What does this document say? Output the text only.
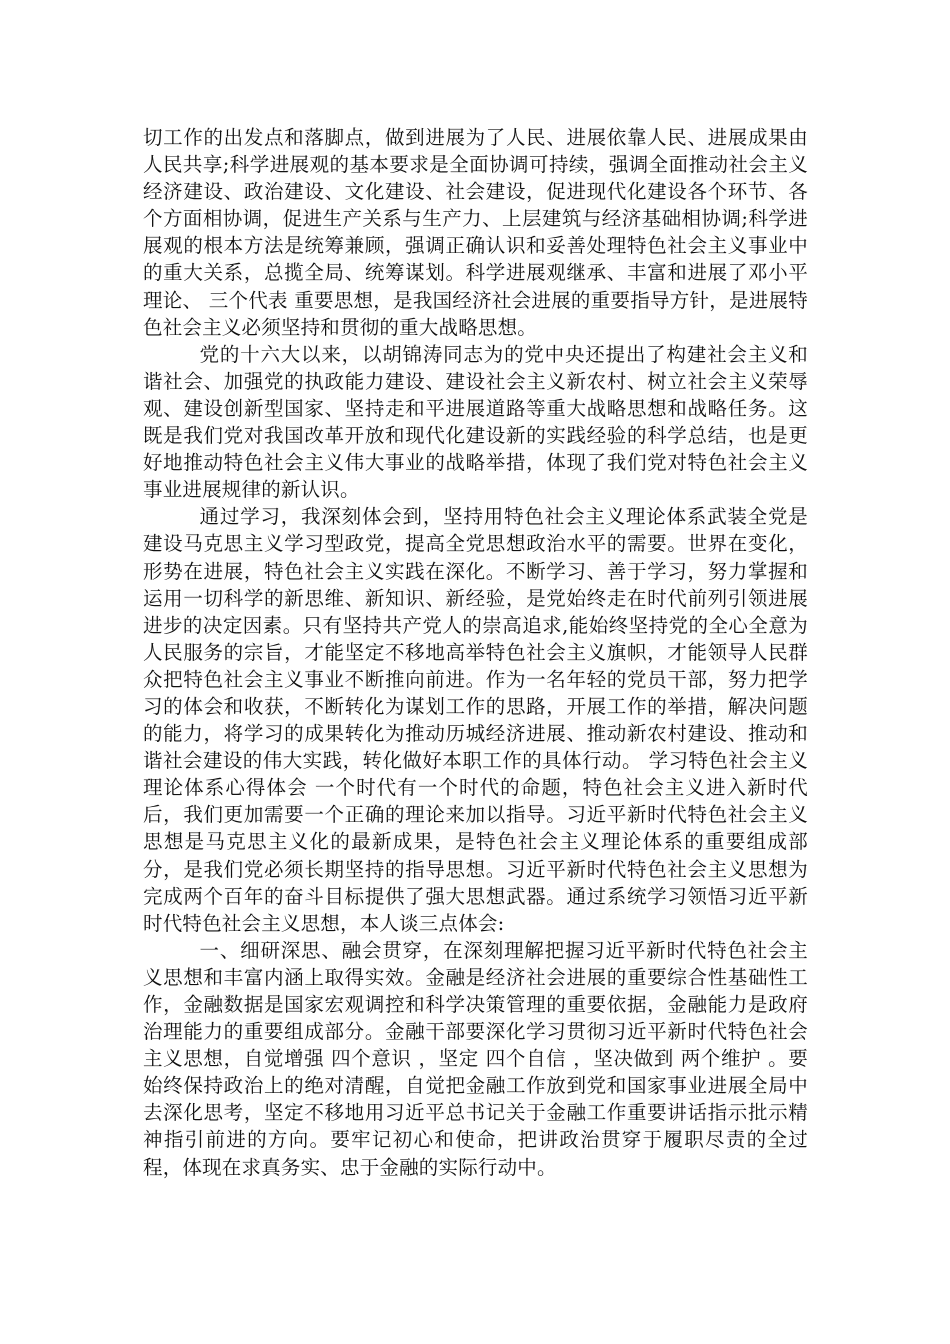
切工作的出发点和落脚点，做到进展为了人民、进展依靠人民、进展成果由人民共享;科学进展观的基本要求是全面协调可持续，强调全面推动社会主义经济建设、政治建设、文化建设、社会建设，促进现代化建设各个环节、各个方面相协调，促进生产关系与生产力、上层建筑与经济基础相协调;科学进展观的根本方法是统筹兼顾，强调正确认识和妥善处理特色社会主义事业中的重大关系，总揽全局、统筹谋划。科学进展观继承、丰富和进展了邓小平理论、 三个代表 重要思想，是我国经济社会进展的重要指导方针，是进展特色社会主义必须坚持和贯彻的重大战略思想。

党的十六大以来，以胡锦涛同志为的党中央还提出了构建社会主义和谐社会、加强党的执政能力建设、建设社会主义新农村、树立社会主义荣辱观、建设创新型国家、坚持走和平进展道路等重大战略思想和战略任务。这既是我们党对我国改革开放和现代化建设新的实践经验的科学总结，也是更好地推动特色社会主义伟大事业的战略举措，体现了我们党对特色社会主义事业进展规律的新认识。

通过学习，我深刻体会到，坚持用特色社会主义理论体系武装全党是建设马克思主义学习型政党，提高全党思想政治水平的需要。世界在变化，形势在进展，特色社会主义实践在深化。不断学习、善于学习，努力掌握和运用一切科学的新思维、新知识、新经验，是党始终走在时代前列引领进展进步的决定因素。只有坚持共产党人的崇高追求,能始终坚持党的全心全意为人民服务的宗旨，才能坚定不移地高举特色社会主义旗帜，才能领导人民群众把特色社会主义事业不断推向前进。作为一名年轻的党员干部，努力把学习的体会和收获，不断转化为谋划工作的思路，开展工作的举措，解决问题的能力，将学习的成果转化为推动历城经济进展、推动新农村建设、推动和谐社会建设的伟大实践，转化做好本职工作的具体行动。 学习特色社会主义理论体系心得体会 一个时代有一个时代的命题，特色社会主义进入新时代后，我们更加需要一个正确的理论来加以指导。习近平新时代特色社会主义思想是马克思主义化的最新成果，是特色社会主义理论体系的重要组成部分，是我们党必须长期坚持的指导思想。习近平新时代特色社会主义思想为完成两个百年的奋斗目标提供了强大思想武器。通过系统学习领悟习近平新时代特色社会主义思想，本人谈三点体会:

一、细研深思、融会贯穿，在深刻理解把握习近平新时代特色社会主义思想和丰富内涵上取得实效。金融是经济社会进展的重要综合性基础性工作，金融数据是国家宏观调控和科学决策管理的重要依据，金融能力是政府治理能力的重要组成部分。金融干部要深化学习贯彻习近平新时代特色社会主义思想，自觉增强 四个意识 ，坚定 四个自信 ，坚决做到 两个维护 。要始终保持政治上的绝对清醒，自觉把金融工作放到党和国家事业进展全局中去深化思考，坚定不移地用习近平总书记关于金融工作重要讲话指示批示精神指引前进的方向。要牢记初心和使命，把讲政治贯穿于履职尽责的全过程，体现在求真务实、忠于金融的实际行动中。
